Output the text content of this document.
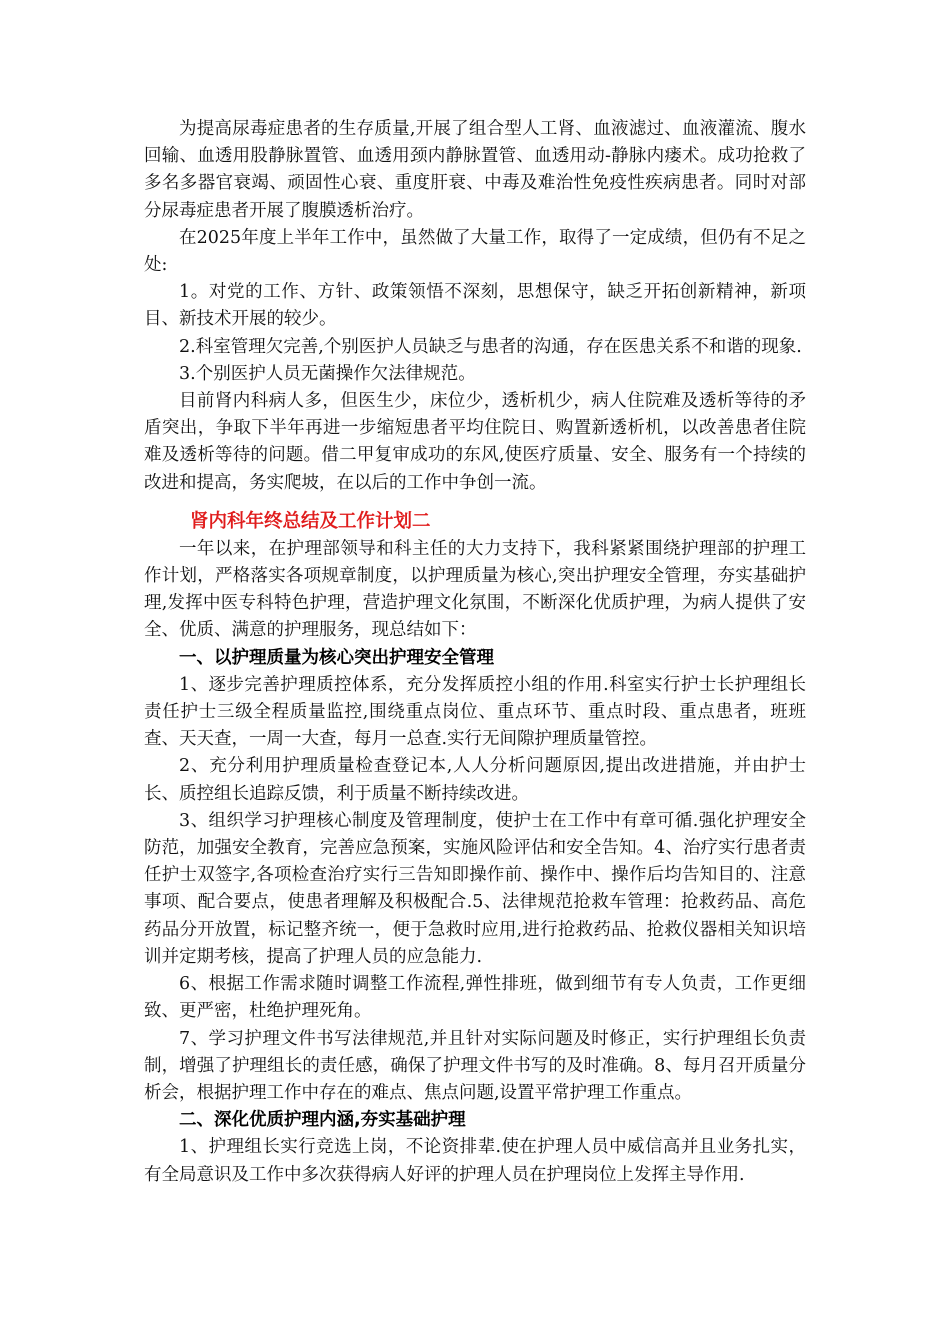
为提高尿毒症患者的生存质量,开展了组合型人工肾、血液滤过、血液灌流、腹水回输、血透用股静脉置管、血透用颈内静脉置管、血透用动-静脉内瘘术。成功抢救了多名多器官衰竭、顽固性心衰、重度肝衰、中毒及难治性免疫性疾病患者。同时对部分尿毒症患者开展了腹膜透析治疗。

在2025年度上半年工作中，虽然做了大量工作，取得了一定成绩，但仍有不足之处:

1。对党的工作、方针、政策领悟不深刻，思想保守，缺乏开拓创新精神，新项目、新技术开展的较少。

2.科室管理欠完善,个别医护人员缺乏与患者的沟通，存在医患关系不和谐的现象.

3.个别医护人员无菌操作欠法律规范。

目前肾内科病人多，但医生少，床位少，透析机少，病人住院难及透析等待的矛盾突出，争取下半年再进一步缩短患者平均住院日、购置新透析机，以改善患者住院难及透析等待的问题。借二甲复审成功的东风,使医疗质量、安全、服务有一个持续的改进和提高，务实爬坡，在以后的工作中争创一流。

肾内科年终总结及工作计划二

一年以来，在护理部领导和科主任的大力支持下，我科紧紧围绕护理部的护理工作计划，严格落实各项规章制度，以护理质量为核心,突出护理安全管理，夯实基础护理,发挥中医专科特色护理，营造护理文化氛围，不断深化优质护理，为病人提供了安全、优质、满意的护理服务，现总结如下：

一、以护理质量为核心突出护理安全管理

1、逐步完善护理质控体系，充分发挥质控小组的作用.科室实行护士长护理组长责任护士三级全程质量监控,围绕重点岗位、重点环节、重点时段、重点患者，班班查、天天查，一周一大查，每月一总查.实行无间隙护理质量管控。

2、充分利用护理质量检查登记本,人人分析问题原因,提出改进措施，并由护士长、质控组长追踪反馈，利于质量不断持续改进。

3、组织学习护理核心制度及管理制度，使护士在工作中有章可循.强化护理安全防范，加强安全教育，完善应急预案，实施风险评估和安全告知。4、治疗实行患者责任护士双签字,各项检查治疗实行三告知即操作前、操作中、操作后均告知目的、注意事项、配合要点，使患者理解及积极配合.5、法律规范抢救车管理：抢救药品、高危药品分开放置，标记整齐统一，便于急救时应用,进行抢救药品、抢救仪器相关知识培训并定期考核，提高了护理人员的应急能力.

6、根据工作需求随时调整工作流程,弹性排班，做到细节有专人负责，工作更细致、更严密，杜绝护理死角。

7、学习护理文件书写法律规范,并且针对实际问题及时修正，实行护理组长负责制，增强了护理组长的责任感，确保了护理文件书写的及时准确。8、每月召开质量分析会，根据护理工作中存在的难点、焦点问题,设置平常护理工作重点。

二、深化优质护理内涵,夯实基础护理

1、护理组长实行竞选上岗，不论资排辈.使在护理人员中威信高并且业务扎实，有全局意识及工作中多次获得病人好评的护理人员在护理岗位上发挥主导作用.
